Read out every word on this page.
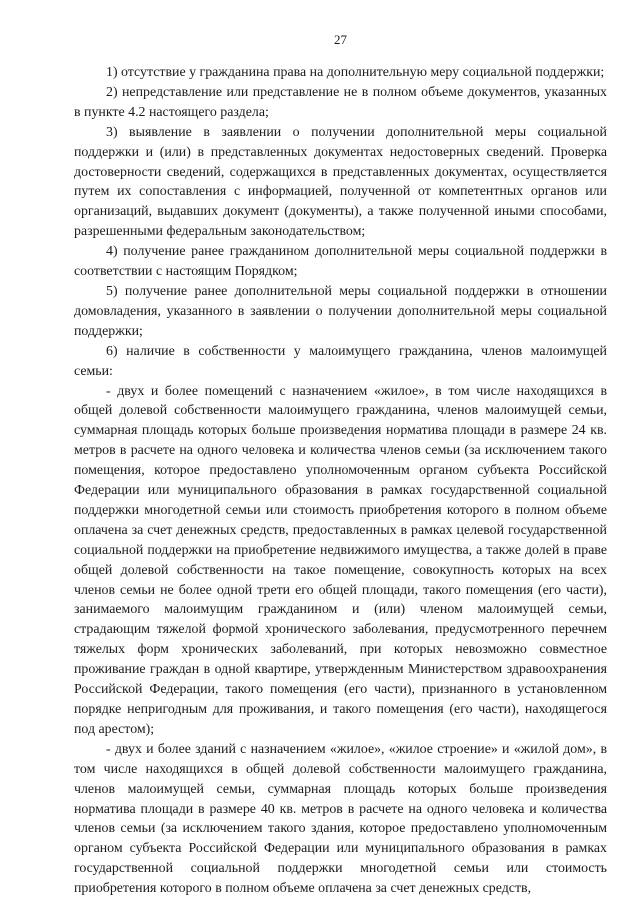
27

1) отсутствие у гражданина права на дополнительную меру социальной поддержки;

2) непредставление или представление не в полном объеме документов, указанных в пункте 4.2 настоящего раздела;

3) выявление в заявлении о получении дополнительной меры социальной поддержки и (или) в представленных документах недостоверных сведений. Проверка достоверности сведений, содержащихся в представленных документах, осуществляется путем их сопоставления с информацией, полученной от компетентных органов или организаций, выдавших документ (документы), а также полученной иными способами, разрешенными федеральным законодательством;

4) получение ранее гражданином дополнительной меры социальной поддержки в соответствии с настоящим Порядком;

5) получение ранее дополнительной меры социальной поддержки в отношении домовладения, указанного в заявлении о получении дополнительной меры социальной поддержки;

6) наличие в собственности у малоимущего гражданина, членов малоимущей семьи:

- двух и более помещений с назначением «жилое», в том числе находящихся в общей долевой собственности малоимущего гражданина, членов малоимущей семьи, суммарная площадь которых больше произведения норматива площади в размере 24 кв. метров в расчете на одного человека и количества членов семьи (за исключением такого помещения, которое предоставлено уполномоченным органом субъекта Российской Федерации или муниципального образования в рамках государственной социальной поддержки многодетной семьи или стоимость приобретения которого в полном объеме оплачена за счет денежных средств, предоставленных в рамках целевой государственной социальной поддержки на приобретение недвижимого имущества, а также долей в праве общей долевой собственности на такое помещение, совокупность которых на всех членов семьи не более одной трети его общей площади, такого помещения (его части), занимаемого малоимущим гражданином и (или) членом малоимущей семьи, страдающим тяжелой формой хронического заболевания, предусмотренного перечнем тяжелых форм хронических заболеваний, при которых невозможно совместное проживание граждан в одной квартире, утвержденным Министерством здравоохранения Российской Федерации, такого помещения (его части), признанного в установленном порядке непригодным для проживания, и такого помещения (его части), находящегося под арестом);

- двух и более зданий с назначением «жилое», «жилое строение» и «жилой дом», в том числе находящихся в общей долевой собственности малоимущего гражданина, членов малоимущей семьи, суммарная площадь которых больше произведения норматива площади в размере 40 кв. метров в расчете на одного человека и количества членов семьи (за исключением такого здания, которое предоставлено уполномоченным органом субъекта Российской Федерации или муниципального образования в рамках государственной социальной поддержки многодетной семьи или стоимость приобретения которого в полном объеме оплачена за счет денежных средств,
